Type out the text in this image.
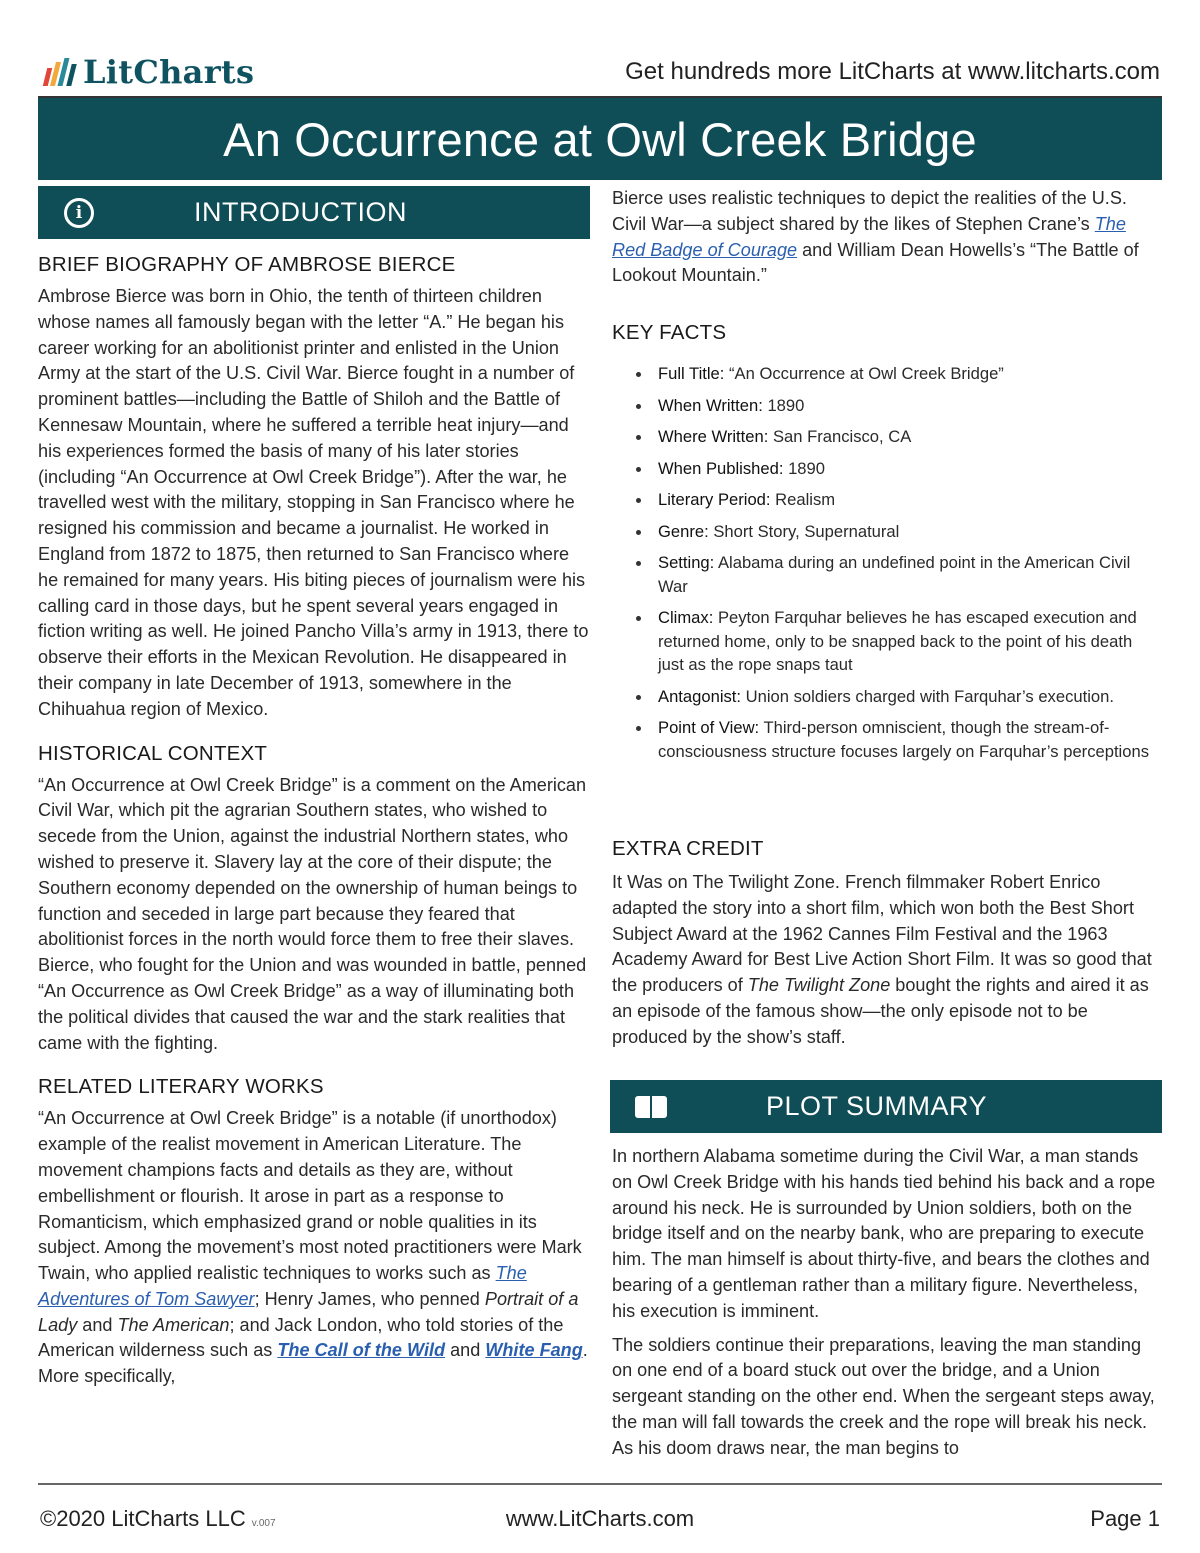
LitCharts	Get hundreds more LitCharts at www.litcharts.com
An Occurrence at Owl Creek Bridge
i	INTRODUCTION
BRIEF BIOGRAPHY OF AMBROSE BIERCE

Ambrose Bierce was born in Ohio, the tenth of thirteen children whose names all famously began with the letter “A.” He began his career working for an abolitionist printer and enlisted in the Union Army at the start of the U.S. Civil War. Bierce fought in a number of prominent battles—including the Battle of Shiloh and the Battle of Kennesaw Mountain, where he suffered a terrible heat injury—and his experiences formed the basis of many of his later stories (including “An Occurrence at Owl Creek Bridge”). After the war, he travelled west with the military, stopping in San Francisco where he resigned his commission and became a journalist. He worked in England from 1872 to 1875, then returned to San Francisco where he remained for many years. His biting pieces of journalism were his calling card in those days, but he spent several years engaged in fiction writing as well. He joined Pancho Villa’s army in 1913, there to observe their efforts in the Mexican Revolution. He disappeared in their company in late December of 1913, somewhere in the Chihuahua region of Mexico.

HISTORICAL CONTEXT

“An Occurrence at Owl Creek Bridge” is a comment on the American Civil War, which pit the agrarian Southern states, who wished to secede from the Union, against the industrial Northern states, who wished to preserve it. Slavery lay at the core of their dispute; the Southern economy depended on the ownership of human beings to function and seceded in large part because they feared that abolitionist forces in the north would force them to free their slaves. Bierce, who fought for the Union and was wounded in battle, penned “An Occurrence as Owl Creek Bridge” as a way of illuminating both the political divides that caused the war and the stark realities that came with the fighting.

RELATED LITERARY WORKS

“An Occurrence at Owl Creek Bridge” is a notable (if unorthodox) example of the realist movement in American Literature. The movement champions facts and details as they are, without embellishment or flourish. It arose in part as a response to Romanticism, which emphasized grand or noble qualities in its subject. Among the movement’s most noted practitioners were Mark Twain, who applied realistic techniques to works such as The Adventures of Tom Sawyer; Henry James, who penned Portrait of a Lady and The American; and Jack London, who told stories of the American wilderness such as The Call of the Wild and White Fang. More specifically,

Bierce uses realistic techniques to depict the realities of the U.S. Civil War—a subject shared by the likes of Stephen Crane’s The Red Badge of Courage and William Dean Howells’s “The Battle of Lookout Mountain.”

KEY FACTS
Full Title: “An Occurrence at Owl Creek Bridge”
When Written: 1890
Where Written: San Francisco, CA
When Published: 1890
Literary Period: Realism
Genre: Short Story, Supernatural
Setting: Alabama during an undefined point in the American Civil War
Climax: Peyton Farquhar believes he has escaped execution and returned home, only to be snapped back to the point of his death just as the rope snaps taut
Antagonist: Union soldiers charged with Farquhar’s execution.
Point of View: Third-person omniscient, though the stream-of-consciousness structure focuses largely on Farquhar’s perceptions
EXTRA CREDIT

It Was on The Twilight Zone. French filmmaker Robert Enrico adapted the story into a short film, which won both the Best Short Subject Award at the 1962 Cannes Film Festival and the 1963 Academy Award for Best Live Action Short Film. It was so good that the producers of The Twilight Zone bought the rights and aired it as an episode of the famous show—the only episode not to be produced by the show’s staff.

PLOT SUMMARY

In northern Alabama sometime during the Civil War, a man stands on Owl Creek Bridge with his hands tied behind his back and a rope around his neck. He is surrounded by Union soldiers, both on the bridge itself and on the nearby bank, who are preparing to execute him. The man himself is about thirty-five, and bears the clothes and bearing of a gentleman rather than a military figure. Nevertheless, his execution is imminent.

The soldiers continue their preparations, leaving the man standing on one end of a board stuck out over the bridge, and a Union sergeant standing on the other end. When the sergeant steps away, the man will fall towards the creek and the rope will break his neck. As his doom draws near, the man begins to

©2020 LitCharts LLC v.007	www.LitCharts.com	Page 1
